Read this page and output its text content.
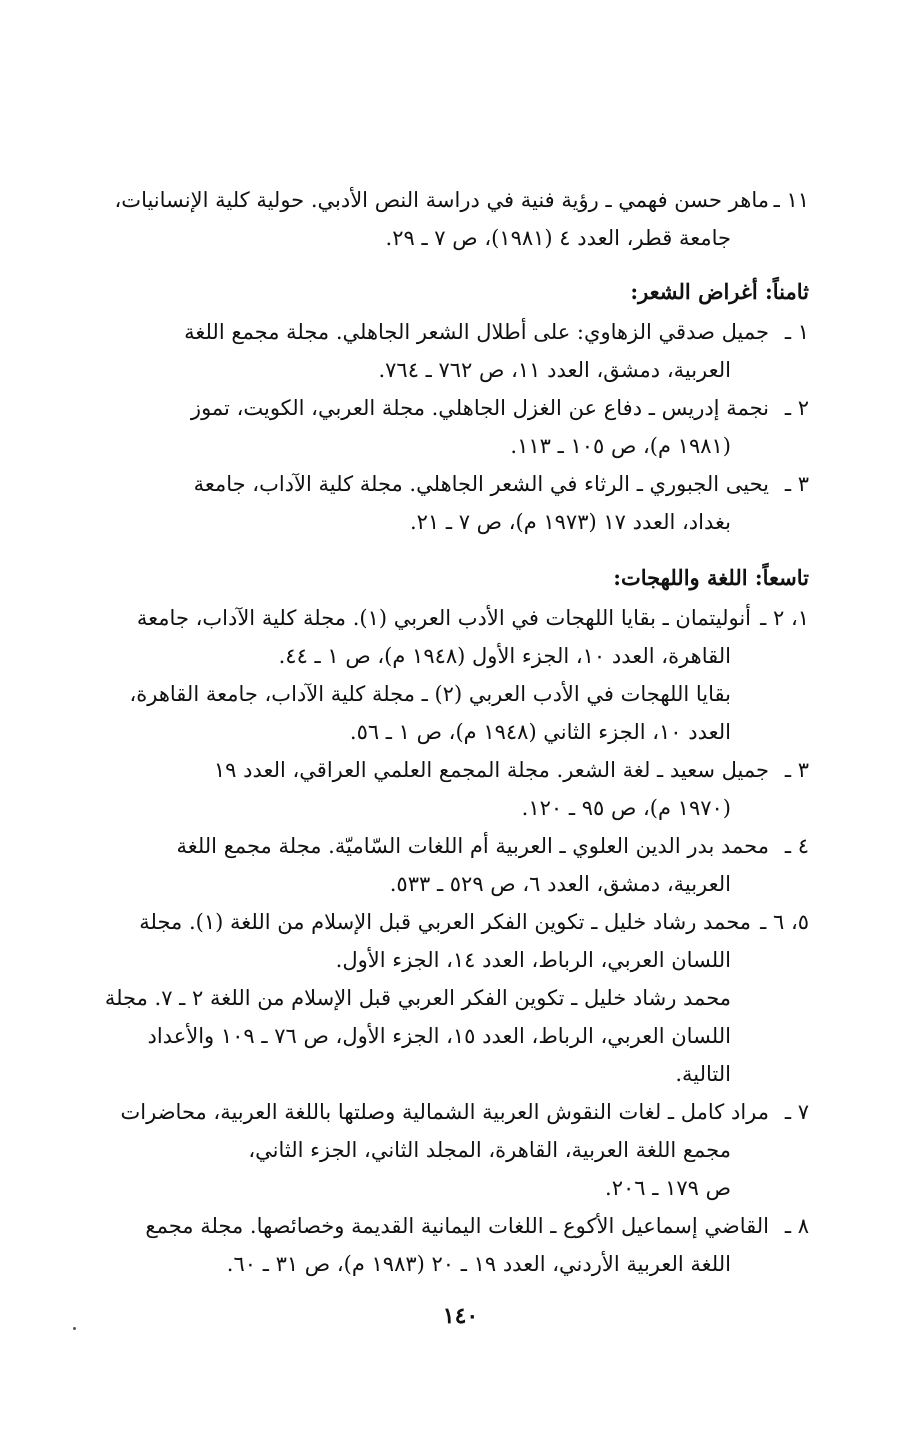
١١ ـ
ماهر حسن فهمي ـ رؤية فنية في دراسة النص الأدبي. حولية كلية الإنسانيات،
جامعة قطر، العدد ٤ (١٩٨١)، ص ٧ ـ ٢٩.
ثامناً: أغراض الشعر:
١ ـ
جميل صدقي الزهاوي: على أطلال الشعر الجاهلي. مجلة مجمع اللغة
العربية، دمشق، العدد ١١، ص ٧٦٢ ـ ٧٦٤.
٢ ـ
نجمة إدريس ـ دفاع عن الغزل الجاهلي. مجلة العربي، الكويت، تموز
(١٩٨١ م)، ص ١٠٥ ـ ١١٣.
٣ ـ
يحيى الجبوري ـ الرثاء في الشعر الجاهلي. مجلة كلية الآداب، جامعة
بغداد، العدد ١٧ (١٩٧٣ م)، ص ٧ ـ ٢١.
تاسعاً: اللغة واللهجات:
١، ٢ ـ
أنوليتمان ـ بقايا اللهجات في الأدب العربي (١). مجلة كلية الآداب، جامعة
القاهرة، العدد ١٠، الجزء الأول (١٩٤٨ م)، ص ١ ـ ٤٤.
بقايا اللهجات في الأدب العربي (٢) ـ مجلة كلية الآداب، جامعة القاهرة،
العدد ١٠، الجزء الثاني (١٩٤٨ م)، ص ١ ـ ٥٦.
٣ ـ
جميل سعيد ـ لغة الشعر. مجلة المجمع العلمي العراقي، العدد ١٩
(١٩٧٠ م)، ص ٩٥ ـ ١٢٠.
٤ ـ
محمد بدر الدين العلوي ـ العربية أم اللغات السّاميّة. مجلة مجمع اللغة
العربية، دمشق، العدد ٦، ص ٥٢٩ ـ ٥٣٣.
٥، ٦ ـ
محمد رشاد خليل ـ تكوين الفكر العربي قبل الإسلام من اللغة (١). مجلة
اللسان العربي، الرباط، العدد ١٤، الجزء الأول.
محمد رشاد خليل ـ تكوين الفكر العربي قبل الإسلام من اللغة ٢ ـ ٧. مجلة
اللسان العربي، الرباط، العدد ١٥، الجزء الأول، ص ٧٦ ـ ١٠٩ والأعداد
التالية.
٧ ـ
مراد كامل ـ لغات النقوش العربية الشمالية وصلتها باللغة العربية، محاضرات
مجمع اللغة العربية، القاهرة، المجلد الثاني، الجزء الثاني،
ص ١٧٩ ـ ٢٠٦.
٨ ـ
القاضي إسماعيل الأكوع ـ اللغات اليمانية القديمة وخصائصها. مجلة مجمع
اللغة العربية الأردني، العدد ١٩ ـ ٢٠ (١٩٨٣ م)، ص ٣١ ـ ٦٠.
١٤٠
